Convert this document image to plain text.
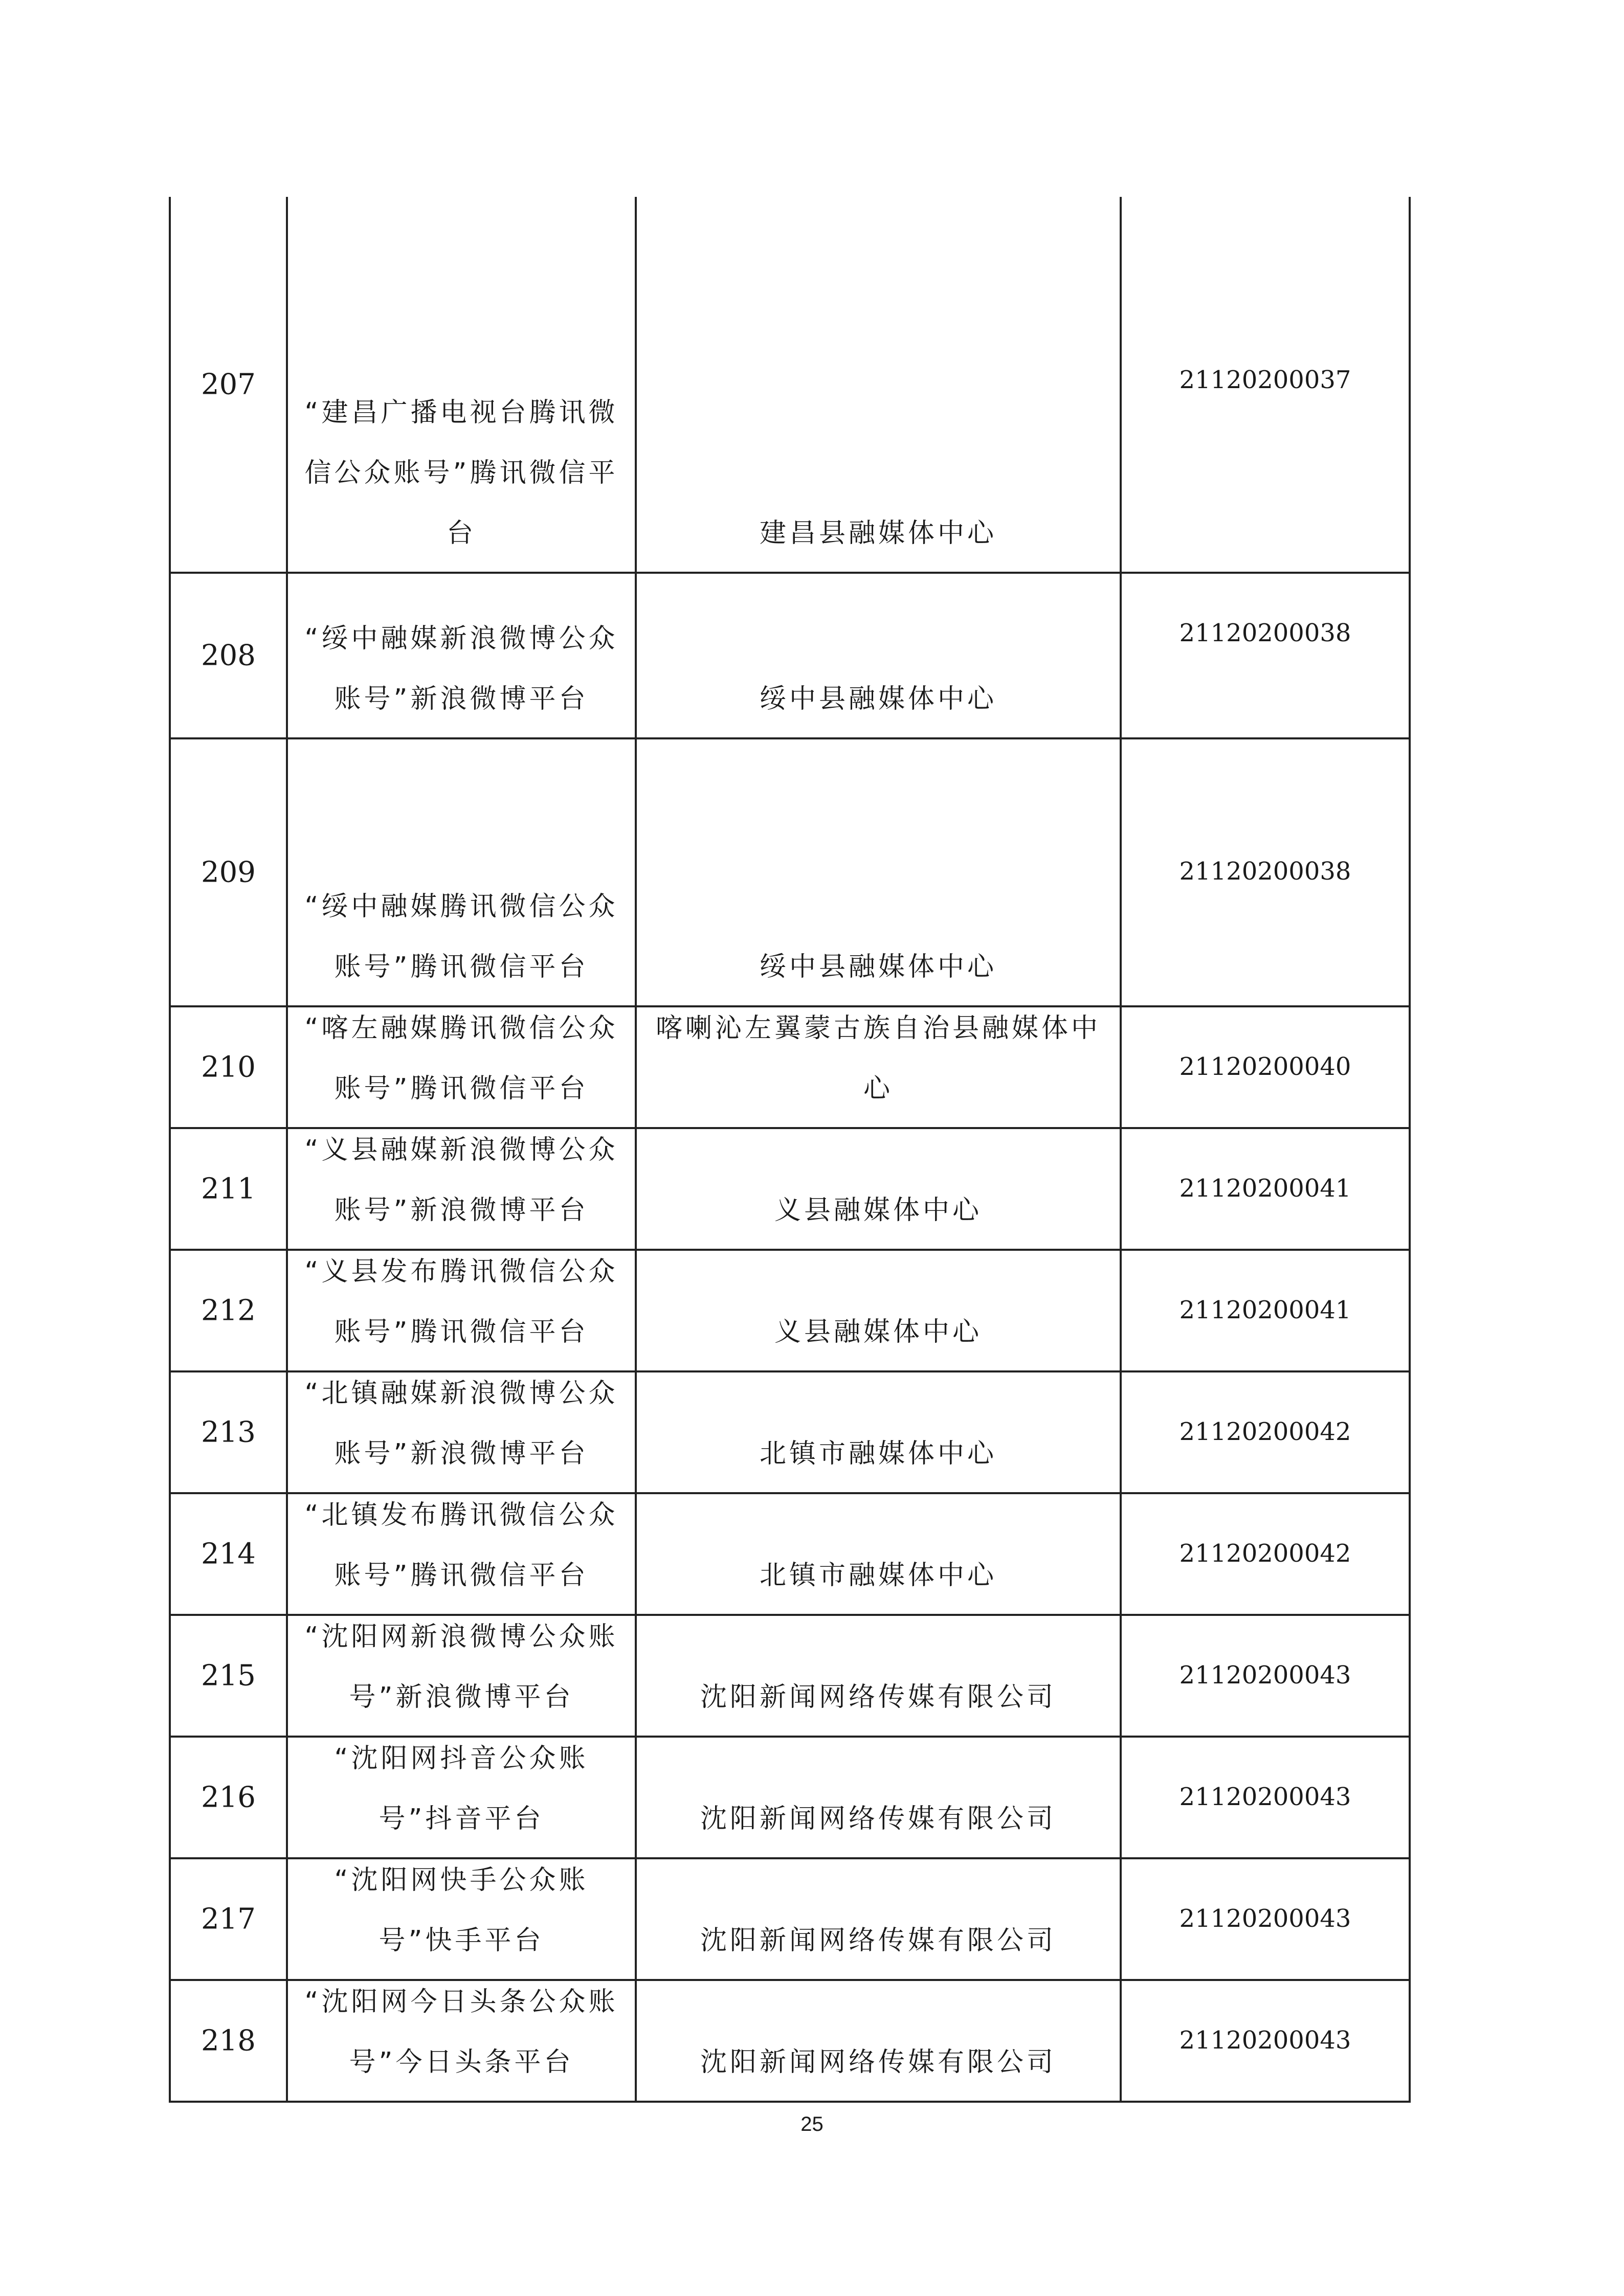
207	“建昌广播电视台腾讯微信公众账号”腾讯微信平台	建昌县融媒体中心	21120200037

208	“绥中融媒新浪微博公众账号”新浪微博平台	绥中县融媒体中心	21120200038

209	“绥中融媒腾讯微信公众账号”腾讯微信平台	绥中县融媒体中心	21120200038

210	“喀左融媒腾讯微信公众账号”腾讯微信平台	喀喇沁左翼蒙古族自治县融媒体中心	21120200040

211	“义县融媒新浪微博公众账号”新浪微博平台	义县融媒体中心	21120200041

212	“义县发布腾讯微信公众账号”腾讯微信平台	义县融媒体中心	21120200041

213	“北镇融媒新浪微博公众账号”新浪微博平台	北镇市融媒体中心	21120200042

214	“北镇发布腾讯微信公众账号”腾讯微信平台	北镇市融媒体中心	21120200042

215	“沈阳网新浪微博公众账号”新浪微博平台	沈阳新闻网络传媒有限公司	21120200043

216	“沈阳网抖音公众账号”抖音平台	沈阳新闻网络传媒有限公司	21120200043

217	“沈阳网快手公众账号”快手平台	沈阳新闻网络传媒有限公司	21120200043

218	“沈阳网今日头条公众账号”今日头条平台	沈阳新闻网络传媒有限公司	21120200043
25
